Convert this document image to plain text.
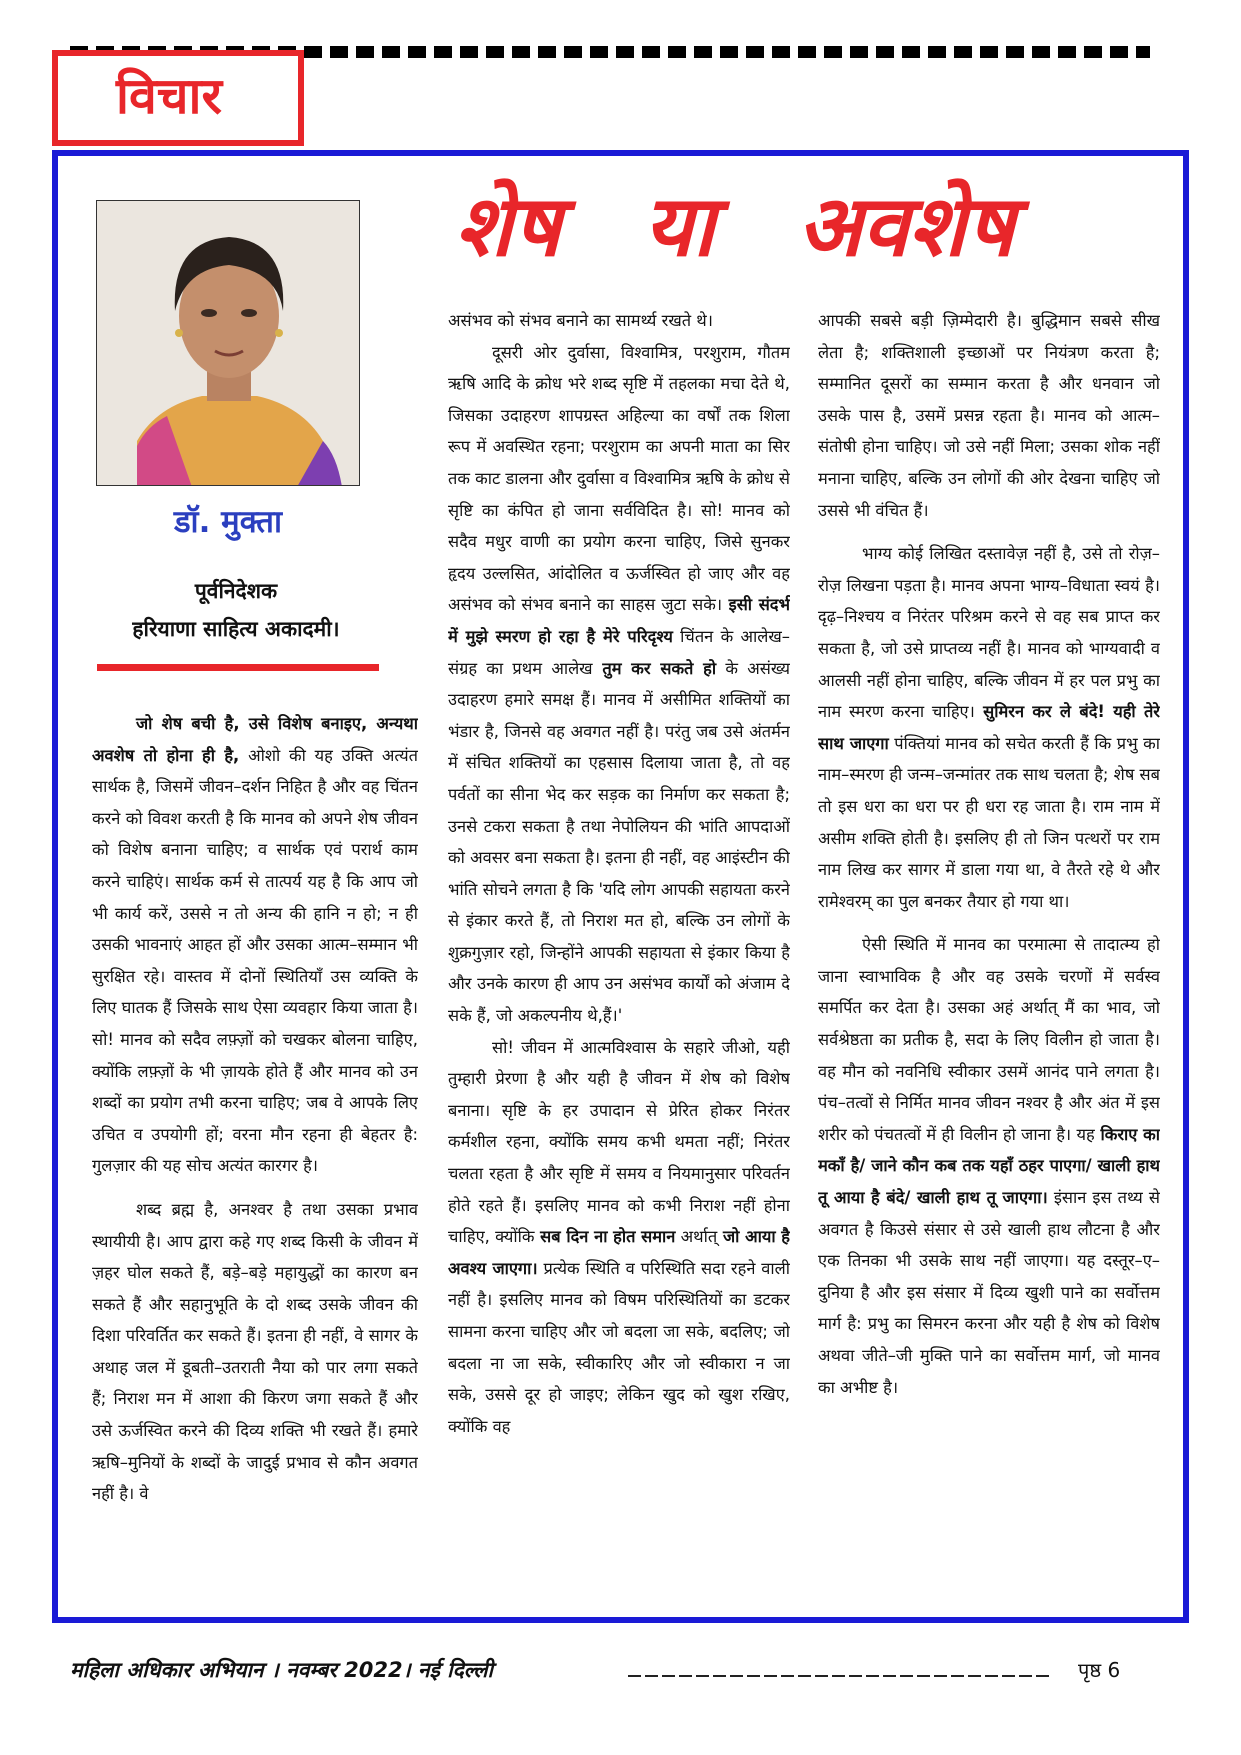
विचार
डॉ. मुक्ता
पूर्वनिदेशक
हरियाणा साहित्य अकादमी।
शेष या अवशेष

जो शेष बची है, उसे विशेष बनाइए, अन्यथा अवशेष तो होना ही है, ओशो की यह उक्ति अत्यंत सार्थक है, जिसमें जीवन–दर्शन निहित है और वह चिंतन करने को विवश करती है कि मानव को अपने शेष जीवन को विशेष बनाना चाहिए; व सार्थक एवं परार्थ काम करने चाहिएं। सार्थक कर्म से तात्पर्य यह है कि आप जो भी कार्य करें, उससे न तो अन्य की हानि न हो; न ही उसकी भावनाएं आहत हों और उसका आत्म–सम्मान भी सुरक्षित रहे। वास्तव में दोनों स्थितियाँ उस व्यक्ति के लिए घातक हैं जिसके साथ ऐसा व्यवहार किया जाता है। सो! मानव को सदैव लफ़्ज़ों को चखकर बोलना चाहिए, क्योंकि लफ़्ज़ों के भी ज़ायके होते हैं और मानव को उन शब्दों का प्रयोग तभी करना चाहिए; जब वे आपके लिए उचित व उपयोगी हों; वरना मौन रहना ही बेहतर है: गुलज़ार की यह सोच अत्यंत कारगर है।

शब्द ब्रह्म है, अनश्वर है तथा उसका प्रभाव स्थायीयी है। आप द्वारा कहे गए शब्द किसी के जीवन में ज़हर घोल सकते हैं, बड़े–बड़े महायुद्धों का कारण बन सकते हैं और सहानुभूति के दो शब्द उसके जीवन की दिशा परिवर्तित कर सकते हैं। इतना ही नहीं, वे सागर के अथाह जल में डूबती–उतराती नैया को पार लगा सकते हैं; निराश मन में आशा की किरण जगा सकते हैं और उसे ऊर्जस्वित करने की दिव्य शक्ति भी रखते हैं। हमारे ऋषि–मुनियों के शब्दों के जादुई प्रभाव से कौन अवगत नहीं है। वे

असंभव को संभव बनाने का सामर्थ्य रखते थे।

दूसरी ओर दुर्वासा, विश्वामित्र, परशुराम, गौतम ऋषि आदि के क्रोध भरे शब्द सृष्टि में तहलका मचा देते थे, जिसका उदाहरण शापग्रस्त अहिल्या का वर्षों तक शिला रूप में अवस्थित रहना; परशुराम का अपनी माता का सिर तक काट डालना और दुर्वासा व विश्वामित्र ऋषि के क्रोध से सृष्टि का कंपित हो जाना सर्वविदित है। सो! मानव को सदैव मधुर वाणी का प्रयोग करना चाहिए, जिसे सुनकर हृदय उल्लसित, आंदोलित व ऊर्जस्वित हो जाए और वह असंभव को संभव बनाने का साहस जुटा सके। इसी संदर्भ में मुझे स्मरण हो रहा है मेरे परिदृश्य चिंतन के आलेख–संग्रह का प्रथम आलेख तुम कर सकते हो के असंख्य उदाहरण हमारे समक्ष हैं। मानव में असीमित शक्तियों का भंडार है, जिनसे वह अवगत नहीं है। परंतु जब उसे अंतर्मन में संचित शक्तियों का एहसास दिलाया जाता है, तो वह पर्वतों का सीना भेद कर सड़क का निर्माण कर सकता है; उनसे टकरा सकता है तथा नेपोलियन की भांति आपदाओं को अवसर बना सकता है। इतना ही नहीं, वह आइंस्टीन की भांति सोचने लगता है कि 'यदि लोग आपकी सहायता करने से इंकार करते हैं, तो निराश मत हो, बल्कि उन लोगों के शुक्रगुज़ार रहो, जिन्होंने आपकी सहायता से इंकार किया है और उनके कारण ही आप उन असंभव कार्यों को अंजाम दे सके हैं, जो अकल्पनीय थे,हैं।'

सो! जीवन में आत्मविश्वास के सहारे जीओ, यही तुम्हारी प्रेरणा है और यही है जीवन में शेष को विशेष बनाना। सृष्टि के हर उपादान से प्रेरित होकर निरंतर कर्मशील रहना, क्योंकि समय कभी थमता नहीं; निरंतर चलता रहता है और सृष्टि में समय व नियमानुसार परिवर्तन होते रहते हैं। इसलिए मानव को कभी निराश नहीं होना चाहिए, क्योंकि सब दिन ना होत समान अर्थात् जो आया है अवश्य जाएगा। प्रत्येक स्थिति व परिस्थिति सदा रहने वाली नहीं है। इसलिए मानव को विषम परिस्थितियों का डटकर सामना करना चाहिए और जो बदला जा सके, बदलिए; जो बदला ना जा सके, स्वीकारिए और जो स्वीकारा न जा सके, उससे दूर हो जाइए; लेकिन खुद को खुश रखिए, क्योंकि वह

आपकी सबसे बड़ी ज़िम्मेदारी है। बुद्धिमान सबसे सीख लेता है; शक्तिशाली इच्छाओं पर नियंत्रण करता है; सम्मानित दूसरों का सम्मान करता है और धनवान जो उसके पास है, उसमें प्रसन्न रहता है। मानव को आत्म–संतोषी होना चाहिए। जो उसे नहीं मिला; उसका शोक नहीं मनाना चाहिए, बल्कि उन लोगों की ओर देखना चाहिए जो उससे भी वंचित हैं।

भाग्य कोई लिखित दस्तावेज़ नहीं है, उसे तो रोज़–रोज़ लिखना पड़ता है। मानव अपना भाग्य–विधाता स्वयं है। दृढ़–निश्चय व निरंतर परिश्रम करने से वह सब प्राप्त कर सकता है, जो उसे प्राप्तव्य नहीं है। मानव को भाग्यवादी व आलसी नहीं होना चाहिए, बल्कि जीवन में हर पल प्रभु का नाम स्मरण करना चाहिए। सुमिरन कर ले बंदे! यही तेरे साथ जाएगा पंक्तियां मानव को सचेत करती हैं कि प्रभु का नाम–स्मरण ही जन्म–जन्मांतर तक साथ चलता है; शेष सब तो इस धरा का धरा पर ही धरा रह जाता है। राम नाम में असीम शक्ति होती है। इसलिए ही तो जिन पत्थरों पर राम नाम लिख कर सागर में डाला गया था, वे तैरते रहे थे और रामेश्वरम् का पुल बनकर तैयार हो गया था।

ऐसी स्थिति में मानव का परमात्मा से तादात्म्य हो जाना स्वाभाविक है और वह उसके चरणों में सर्वस्व समर्पित कर देता है। उसका अहं अर्थात् मैं का भाव, जो सर्वश्रेष्ठता का प्रतीक है, सदा के लिए विलीन हो जाता है। वह मौन को नवनिधि स्वीकार उसमें आनंद पाने लगता है। पंच–तत्वों से निर्मित मानव जीवन नश्वर है और अंत में इस शरीर को पंचतत्वों में ही विलीन हो जाना है। यह किराए का मकाँ है/ जाने कौन कब तक यहाँ ठहर पाएगा/ खाली हाथ तू आया है बंदे/ खाली हाथ तू जाएगा। इंसान इस तथ्य से अवगत है किउसे संसार से उसे खाली हाथ लौटना है और एक तिनका भी उसके साथ नहीं जाएगा। यह दस्तूर–ए–दुनिया है और इस संसार में दिव्य खुशी पाने का सर्वोत्तम मार्ग है: प्रभु का सिमरन करना और यही है शेष को विशेष अथवा जीते–जी मुक्ति पाने का सर्वोत्तम मार्ग, जो मानव का अभीष्ट है।

महिला अधिकार अभियान । नवम्बर 2022। नई दिल्ली	पृष्ठ 6
